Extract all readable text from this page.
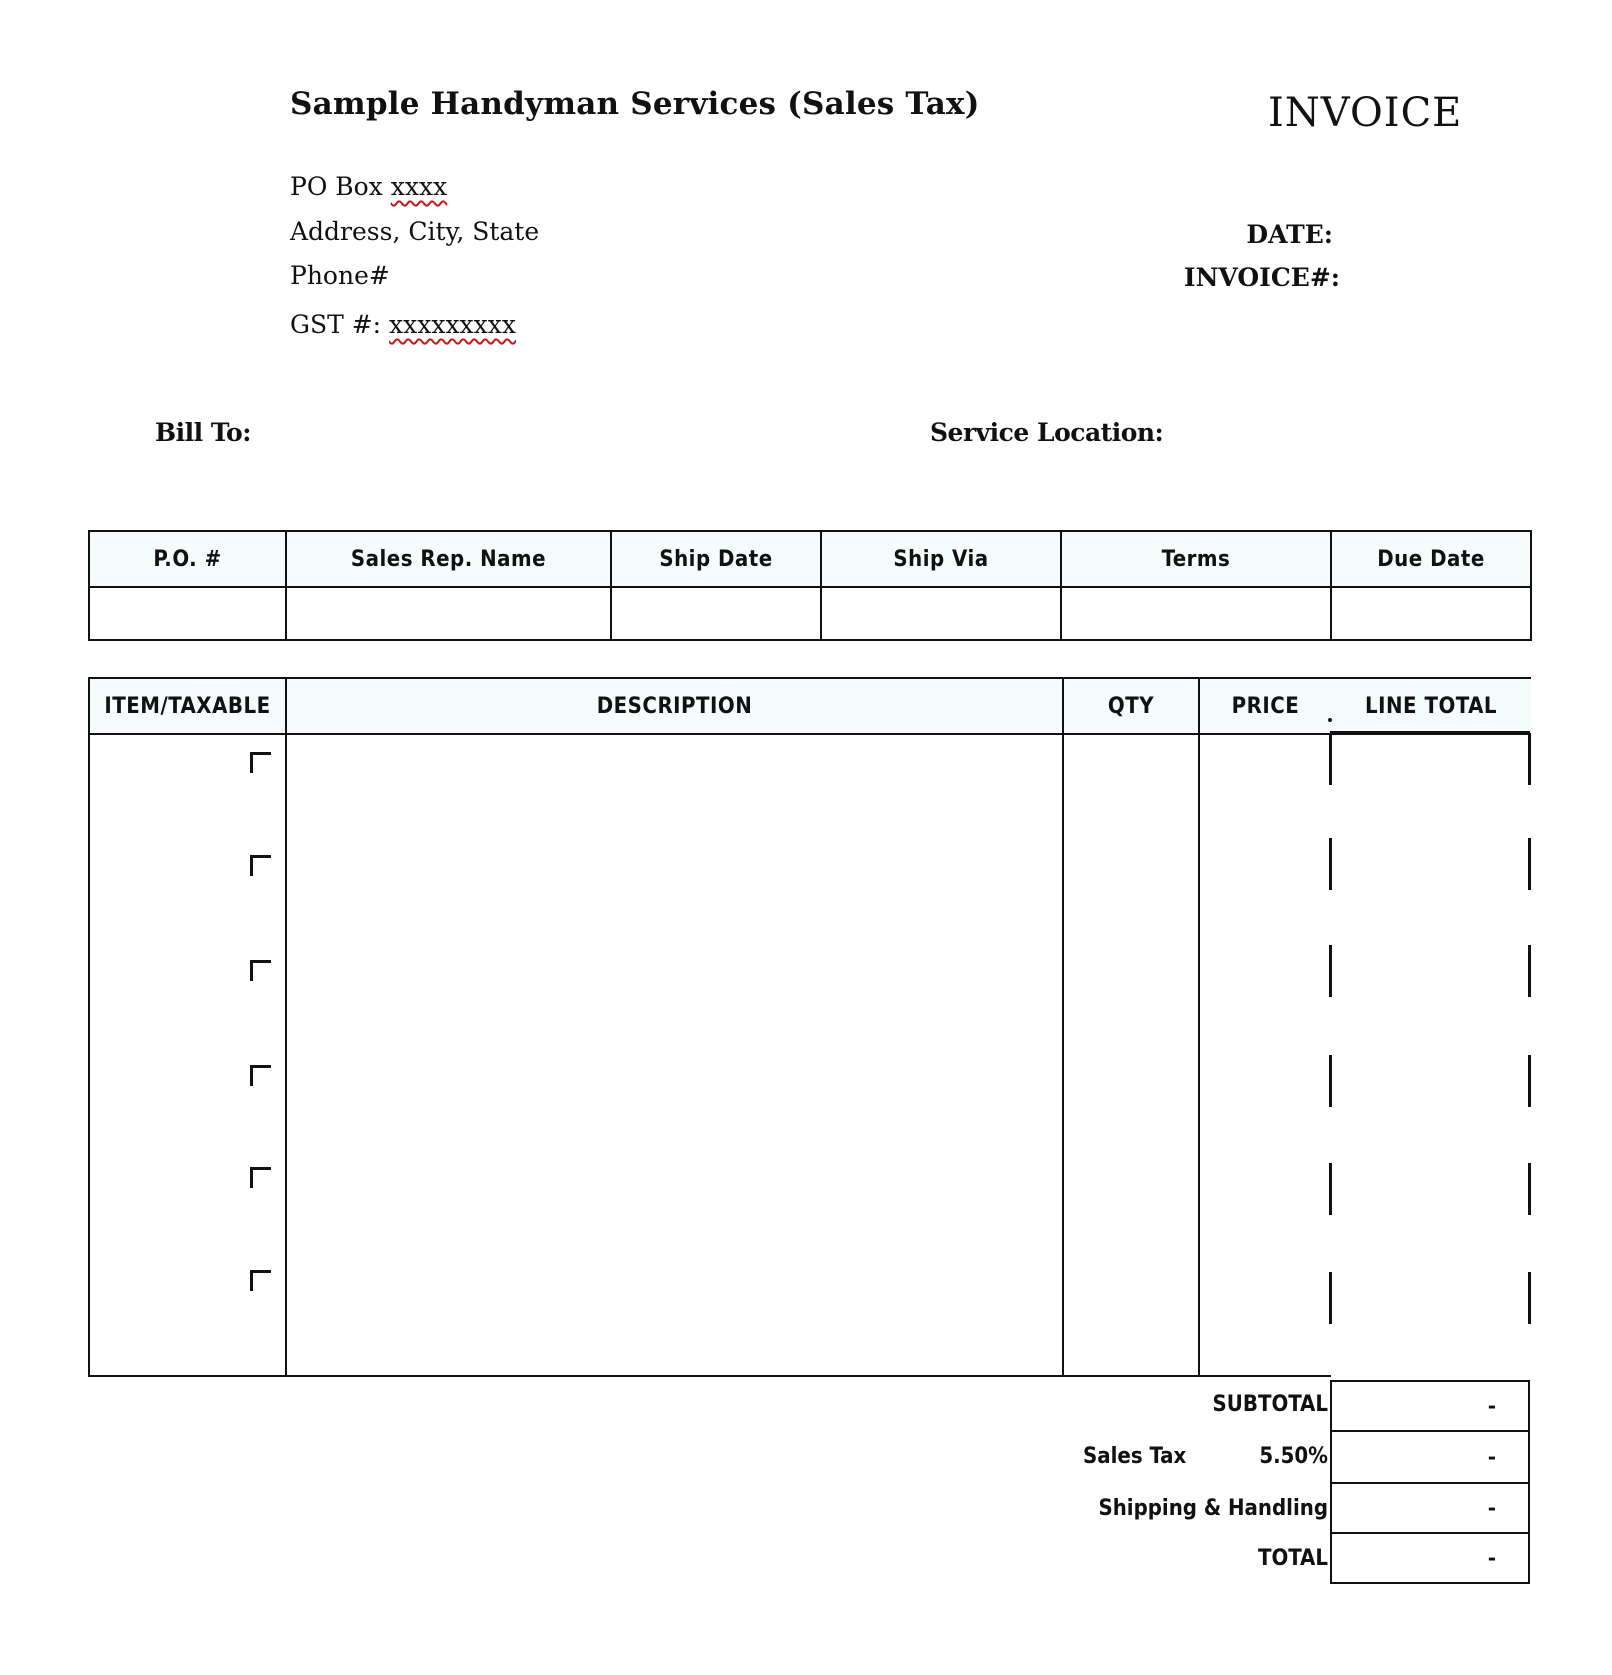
Sample Handyman Services (Sales Tax)	INVOICE
PO Box xxxx
Address, City, State
Phone#
GST #: xxxxxxxxx
DATE:
INVOICE#:
Bill To:	Service Location:
P.O. #	Sales Rep. Name	Ship Date	Ship Via	Terms	Due Date

ITEM/TAXABLE	DESCRIPTION	QTY	PRICE	LINE TOTAL

SUBTOTAL	-
Sales Tax	5.50%	-
Shipping & Handling	-
TOTAL	-
